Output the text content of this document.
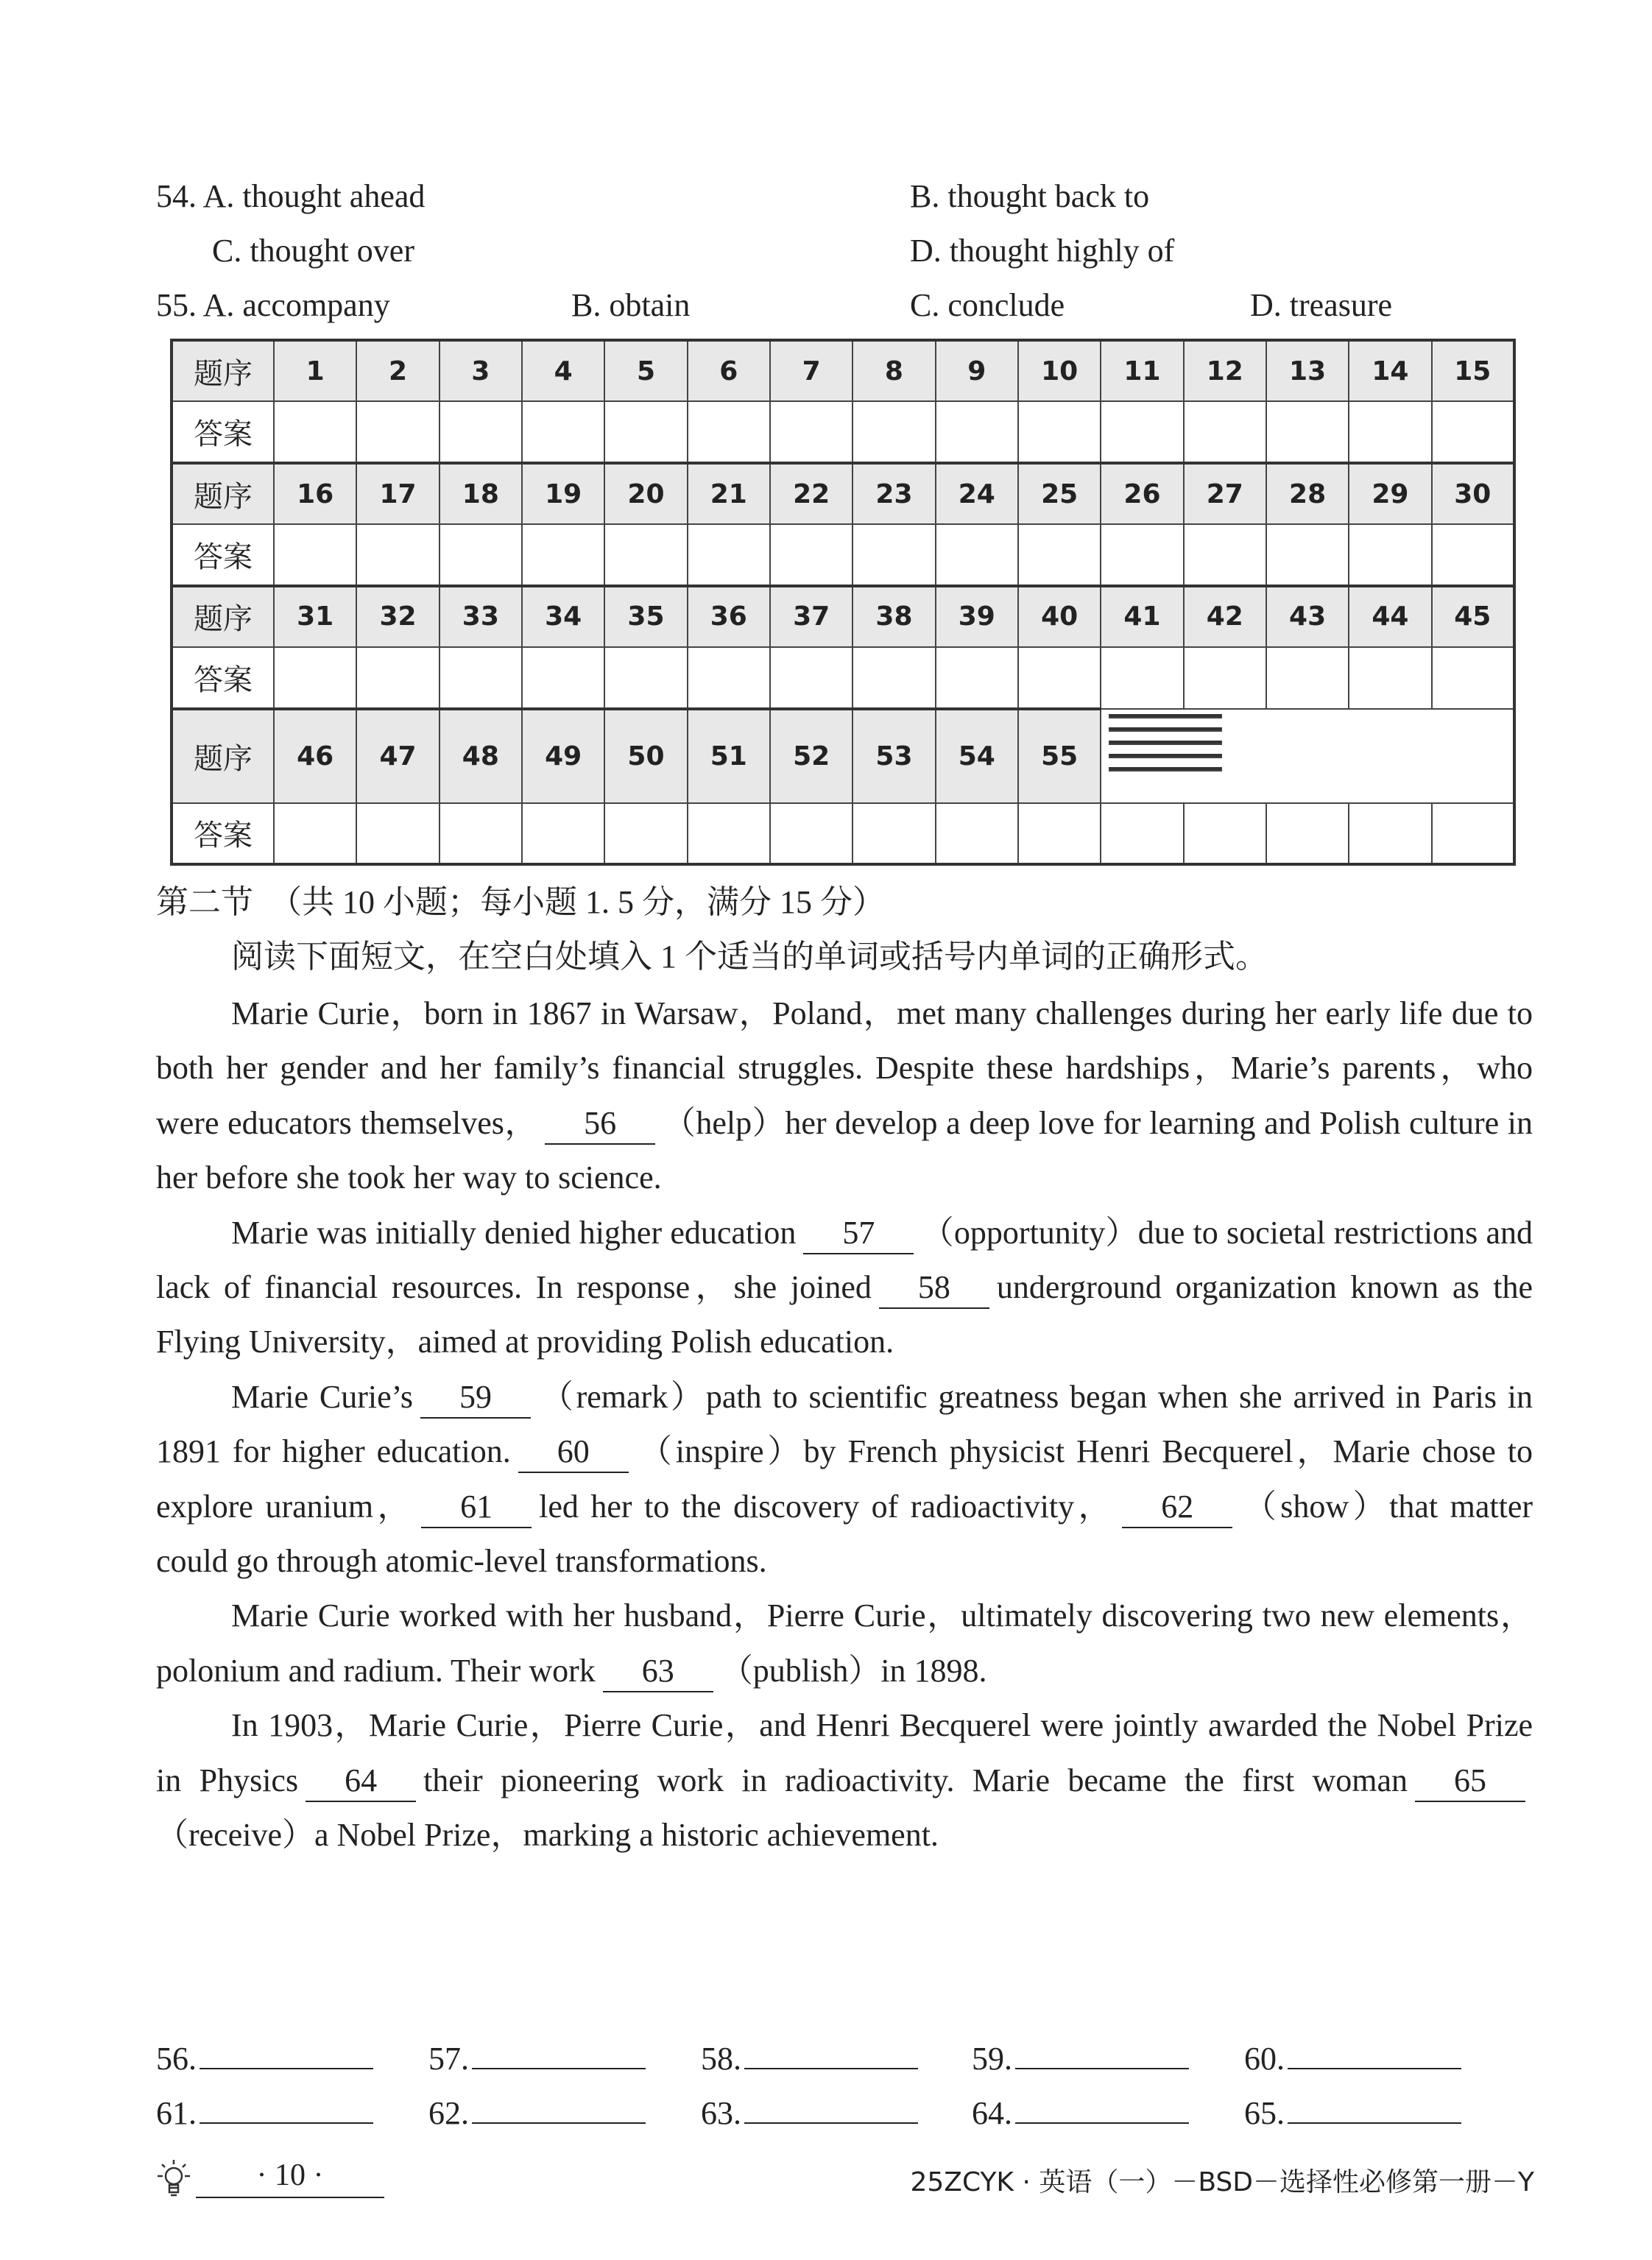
54. A. thought ahead	B. thought back to
C. thought over	D. thought highly of
55. A. accompany	B. obtain	C. conclude	D. treasure
题序	1	2	3	4	5	6	7	8	9	10	11	12	13	14	15
答案															
题序	16	17	18	19	20	21	22	23	24	25	26	27	28	29	30
答案															
题序	31	32	33	34	35	36	37	38	39	40	41	42	43	44	45
答案															
题序	46	47	48	49	50	51	52	53	54	55	
答案															
第二节　（共 10 小题；每小题 1. 5 分，满分 15 分）
阅读下面短文，在空白处填入 1 个适当的单词或括号内单词的正确形式。

Marie Curie，born in 1867 in Warsaw，Poland，met many challenges during her early life due to both her gender and her family’s financial struggles. Despite these hardships，Marie’s parents，who were educators themselves， 56 （help）her develop a deep love for learning and Polish culture in her before she took her way to science.

Marie was initially denied higher education 57 （opportunity）due to societal restrictions and lack of financial resources. In response，she joined 58 underground organization known as the Flying University，aimed at providing Polish education.

Marie Curie’s 59 （remark）path to scientific greatness began when she arrived in Paris in 1891 for higher education. 60 （inspire）by French physicist Henri Becquerel，Marie chose to explore uranium， 61 led her to the discovery of radioactivity， 62 （show）that matter could go through atomic-level transformations.

Marie Curie worked with her husband，Pierre Curie，ultimately discovering two new elements，polonium and radium. Their work 63 （publish）in 1898.

In 1903，Marie Curie，Pierre Curie，and Henri Becquerel were jointly awarded the Nobel Prize in Physics 64 their pioneering work in radioactivity. Marie became the first woman 65（receive）a Nobel Prize，marking a historic achievement.

56.	57.	58.	59.	60.
61.	62.	63.	64.	65.
· 10 ·	25ZCYK · 英语（一）－BSD－选择性必修第一册－Y
